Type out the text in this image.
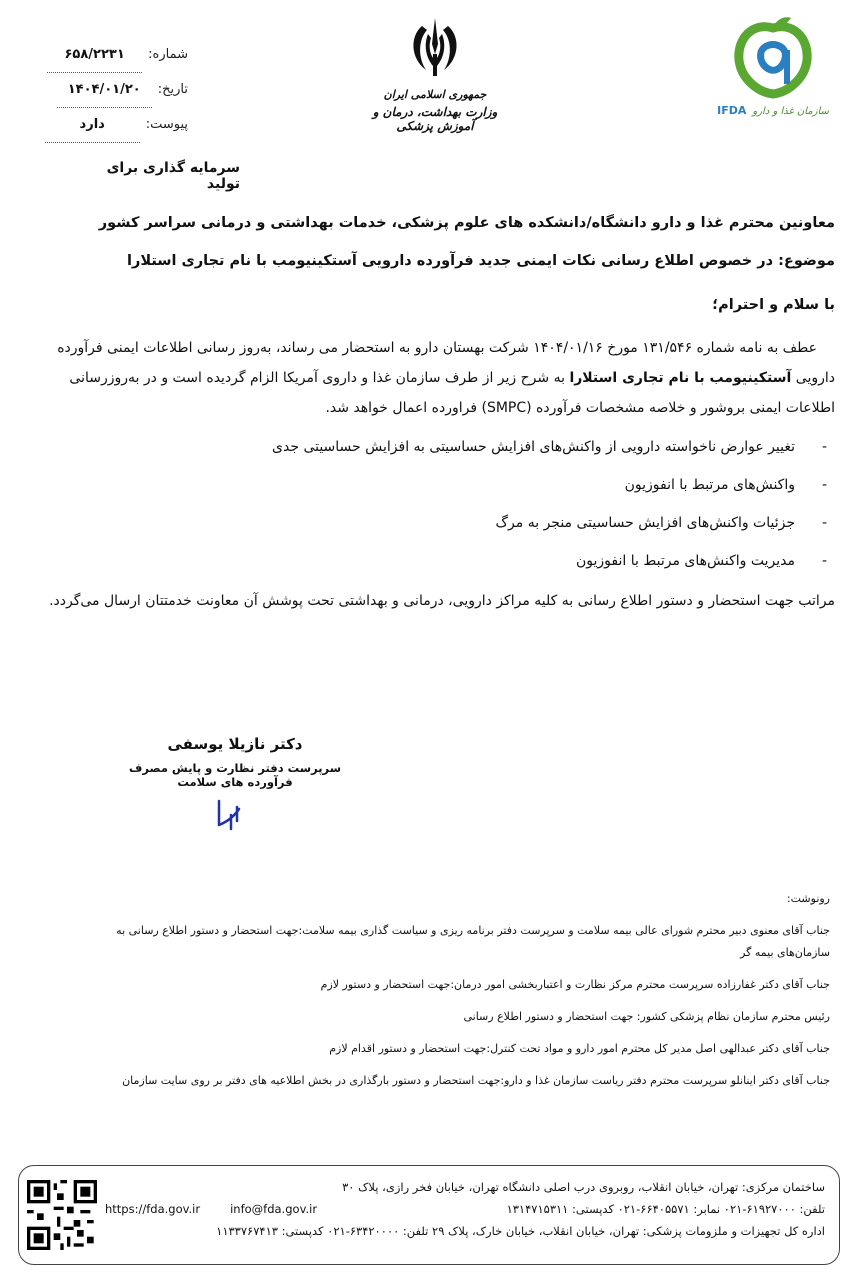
شماره:
۶۵۸/۲۲۳۱
تاریخ:
۱۴۰۴/۰۱/۲۰
پیوست:
دارد
جمهوری اسلامی ایران
وزارت بهداشت، درمان و آموزش پزشکی
IFDA سازمان غذا و دارو
سرمایه گذاری برای تولید

معاونین محترم غذا و دارو دانشگاه/دانشکده های علوم پزشکی، خدمات بهداشتی و درمانی سراسر کشور

موضوع: در خصوص اطلاع رسانی نکات ایمنی جدید فرآورده دارویی آستکینیومب با نام تجاری استلارا

با سلام و احترام؛

عطف به نامه شماره ۱۳۱/۵۴۶ مورخ ۱۴۰۴/۰۱/۱۶ شرکت بهستان دارو به استحضار می رساند، به‌روز رسانی اطلاعات ایمنی فرآورده دارویی آستکینیومب با نام تجاری استلارا به شرح زیر از طرف سازمان غذا و داروی آمریکا الزام گردیده است و در به‌روزرسانی اطلاعات ایمنی بروشور و خلاصه مشخصات فرآورده (SMPC) فراورده اعمال خواهد شد.

- تغییر عوارض ناخواسته دارویی از واکنش‌های افزایش حساسیتی به افزایش حساسیتی جدی
- واکنش‌های مرتبط با انفوزیون
- جزئیات واکنش‌های افزایش حساسیتی منجر به مرگ
- مدیریت واکنش‌های مرتبط با انفوزیون

مراتب جهت استحضار و دستور اطلاع رسانی به کلیه مراکز دارویی، درمانی و بهداشتی تحت پوشش آن معاونت خدمتتان ارسال می‌گردد.

دکتر نازیلا یوسفی
سرپرست دفتر نظارت و پایش مصرف فرآورده های سلامت
رونوشت:
جناب آقای معنوی دبیر محترم شورای عالی بیمه سلامت و سرپرست دفتر برنامه ریزی و سیاست گذاری بیمه سلامت:جهت استحضار و دستور اطلاع رسانی به سازمان‌های بیمه گر
جناب آقای دکتر غفارزاده سرپرست محترم مرکز نظارت و اعتباربخشی امور درمان:جهت استحضار و دستور لازم
رئیس محترم سازمان نظام پزشکی کشور: جهت استحضار و دستور اطلاع رسانی
جناب آقای دکتر عبدالهی اصل مدیر کل محترم امور دارو و مواد تحت کنترل:جهت استحضار و دستور اقدام لازم
جناب آقای دکتر اینانلو سرپرست محترم دفتر ریاست سازمان غذا و دارو:جهت استحضار و دستور بارگذاری در بخش اطلاعیه های دفتر بر روی سایت سازمان
ساختمان مرکزی: تهران، خیابان انقلاب، روبروی درب اصلی دانشگاه تهران، خیابان فخر رازی، پلاک ۳۰
تلفن: ۶۱۹۲۷۰۰۰-۰۲۱ نمابر: ۶۶۴۰۵۵۷۱-۰۲۱ کدپستی: ۱۳۱۴۷۱۵۳۱۱
https://fda.gov.ir	info@fda.gov.ir
اداره کل تجهیزات و ملزومات پزشکی: تهران، خیابان انقلاب، خیابان خارک، پلاک ۲۹ تلفن: ۶۳۴۲۰۰۰۰-۰۲۱ کدپستی: ۱۱۳۳۷۶۷۴۱۳
